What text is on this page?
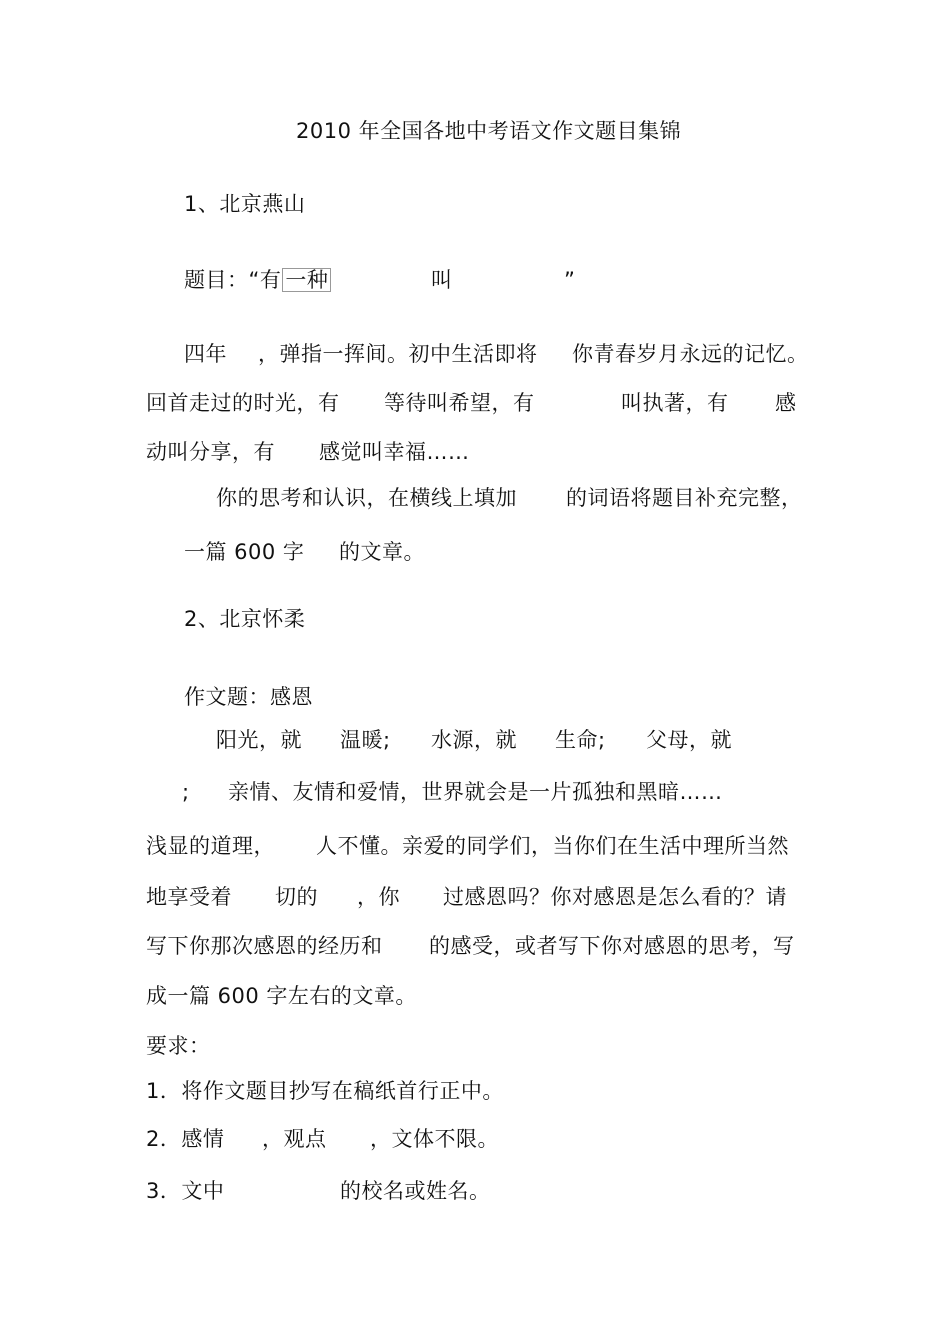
2010 年全国各地中考语文作文题目集锦
1、北京燕山
题目：“有 一种	叫	”
四年 ，弹指一挥间。初中生活即将 你青春岁月永远的记忆。
回首走过的时光，有 等待叫希望，有	叫执著，有 感
动叫分享，有 感觉叫幸福……
你的思考和认识，在横线上填加 的词语将题目补充完整，
一篇 600 字 的文章。
2、北京怀柔
作文题：感恩
阳光，就 温暖; 水源，就 生命; 父母，就
; 亲情、友情和爱情，世界就会是一片孤独和黑暗……
浅显的道理， 人不懂。亲爱的同学们，当你们在生活中理所当然
地享受着 切的 ，你 过感恩吗？你对感恩是怎么看的？请
写下你那次感恩的经历和 的感受，或者写下你对感恩的思考，写
成一篇 600 字左右的文章。
要求：
1．将作文题目抄写在稿纸首行正中。
2．感情 ，观点 ，文体不限。
3．文中	的校名或姓名。
